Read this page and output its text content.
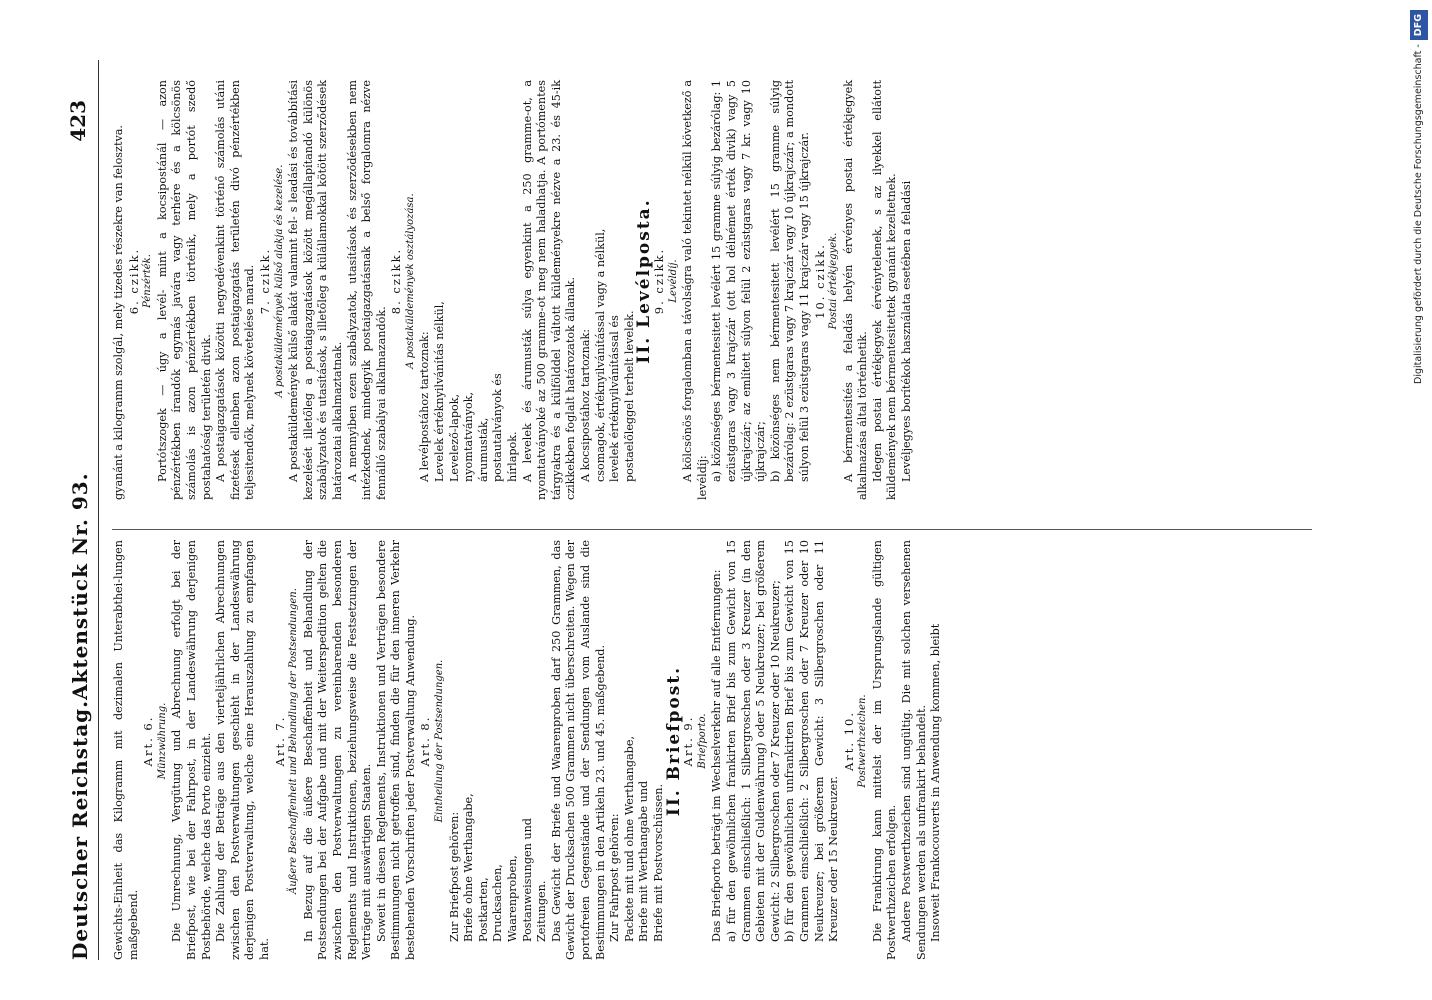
Deutscher Reichstag.
Aktenstück Nr. 93.
423

Gewichts-Einheit das Kilogramm mit dezimalen Unterabthei-lungen maßgebend.

Art. 6. Münzwährung. Die Umrechnung, Vergütung und Abrechnung erfolgt bei der Briefpost, wie bei der Fahrpost, in der Landeswährung derjenigen Postbehörde, welche das Porto einzieht. Die Zahlung der Beträge aus den vierteljährlichen Abrechnungen zwischen den Postverwaltungen geschieht in der Landeswährung derjenigen Postverwaltung, welche eine Herauszahlung zu empfangen hat.

Art. 7. Äußere Beschaffenheit und Behandlung der Postsendungen. In Bezug auf die äußere Beschaffenheit und Behandlung der Postsendungen bei der Aufgabe und mit der Weiterspedition gelten die zwischen den Postverwaltungen zu vereinbarenden besonderen Reglements und Instruktionen, beziehungsweise die Festsetzungen der Verträge mit auswärtigen Staaten. Soweit in diesen Reglements, Instruktionen und Verträgen besondere Bestimmungen nicht getroffen sind, finden die für den inneren Verkehr bestehenden Vorschriften jeder Postverwaltung Anwendung. Art. 8. Eintheilung der Postsendungen.

Zur Briefpost gehören: Briefe ohne Werthangabe, Postkarten, Drucksachen, Waarenproben, Postanweisungen und Zeitungen. Das Gewicht der Briefe und Waarenproben darf 250 Grammen, das Gewicht der Drucksachen 500 Grammen nicht überschreiten. Wegen der portofreien Gegenstände und der Sendungen vom Auslande sind die Bestimmungen in den Artikeln 23. und 45. maßgebend. Zur Fahrpost gehören: Packete mit und ohne Werthangabe, Briefe mit Werthangabe und Briefe mit Postvorschüssen.

II. Briefpost.

Art. 9. Briefporto. Das Briefporto beträgt im Wechselverkehr auf alle Entfernungen: a) für den gewöhnlichen frankirten Brief bis zum Gewicht von 15 Grammen einschließlich: 1 Silbergroschen oder 3 Kreuzer (in den Gebieten mit der Guldenwährung) oder 5 Neukreuzer; bei größerem Gewicht: 2 Silbergroschen oder 7 Kreuzer oder 10 Neukreuzer; b) für den gewöhnlichen unfrankirten Brief bis zum Gewicht von 15 Grammen einschließlich: 2 Silbergroschen oder 7 Kreuzer oder 10 Neukreuzer; bei größerem Gewicht: 3 Silbergroschen oder 11 Kreuzer oder 15 Neukreuzer.

Art. 10. Postwerthzeichen. Die Frankirung kann mittelst der im Ursprungslande gültigen Postwerthzeichen erfolgen. Andere Postwerthzeichen sind ungültig. Die mit solchen versehenen Sendungen werden als unfrankirt behandelt. Insoweit Frankocouverts in Anwendung kommen, bleibt

gyanánt a kilogramm szolgál, mely tizedes részekre van felosztva. 6. czikk. Pénzérték. Portótszogek — úgy a levél- mint a kocsipostánál — azon pénzértékben írandók egymás javára vagy terhére és a kölcsönös számolás is azon pénzértékben történik, mely a portót szedő postahatóság területén divik. A postaigazgatások közötti negyedévenkint történő számolás utáni fizetések ellenben azon postaigazgatás területén divó pénzértékben teljesitendők, melynek követelése marad. 7. czikk. A postaküldemények külső alakja és kezelése. A postaküldemények külső alakát valamint fel- s leadási és továbbítási kezelését illetőleg a postaigazgatások között megállapítandó különös szabályzatok és utasítások, s illetőleg a külállamokkal kötött szerződések határozatai alkalmaztatnak. A mennyiben ezen szabályzatok, utasítások és szerződésekben nem intézkednek, mindegyik postaigazgatásnak a belső forgalomra nézve fennálló szabályai alkalmazandók.

8. czikk. A postaküldemények osztályozása.

A levélpostához tartoznak: Levelek értéknyilvánítás nélkül, Levelező-lapok, nyomtatványok, árumusták, postautalványok és hírlapok. A levelek és árumusták súlya egyenkint a 250 gramme-ot, a nyomtatványoké az 500 gramme-ot meg nem haladhatja. A portómentes tárgyakra és a külfölddel váltott küldeményekre nézve a 23. és 45-ik czikkekben foglalt határozatok állanak. A kocsipostához tartoznak: csomagok, értéknyilvánítással vagy a nélkül, levelek értéknyilvánítással és postaelőleggel terhelt levelek.

II. Levélposta.

9. czikk. Levéldíj. A kölcsönös forgalomban a távolságra való tekintet nélkül következő a levéldíj: a) közönséges bérmentesitett levélért 15 gramme súlyig bezárólag: 1 ezüstgaras vagy 3 krajczár (ott hol délnémet érték divik) vagy 5 újkrajczár; az említett súlyon felül 2 ezüstgaras vagy 7 kr. vagy 10 újkrajczár; b) közönséges nem bérmentesitett levélért 15 gramme súlyig bezárólag: 2 ezüstgaras vagy 7 krajczár vagy 10 újkrajczár; a mondott súlyon felül 3 ezüstgaras vagy 11 krajczár vagy 15 újkrajczár. 10. czikk. Postai értékjegyek. A bérmentesítés a feladás helyén érvényes postai értékjegyek alkalmazása által történhetik. Idegen postai értékjegyek érvénytelenek, s az ilyekkel ellátott küldemények nem bérmentesitettek gyanánt kezeltetnek. Levéljegyes borítékok használata esetében a feladási	Digitalisierung gefördert durch die Deutsche Forschungsgemeinschaft -DFG
